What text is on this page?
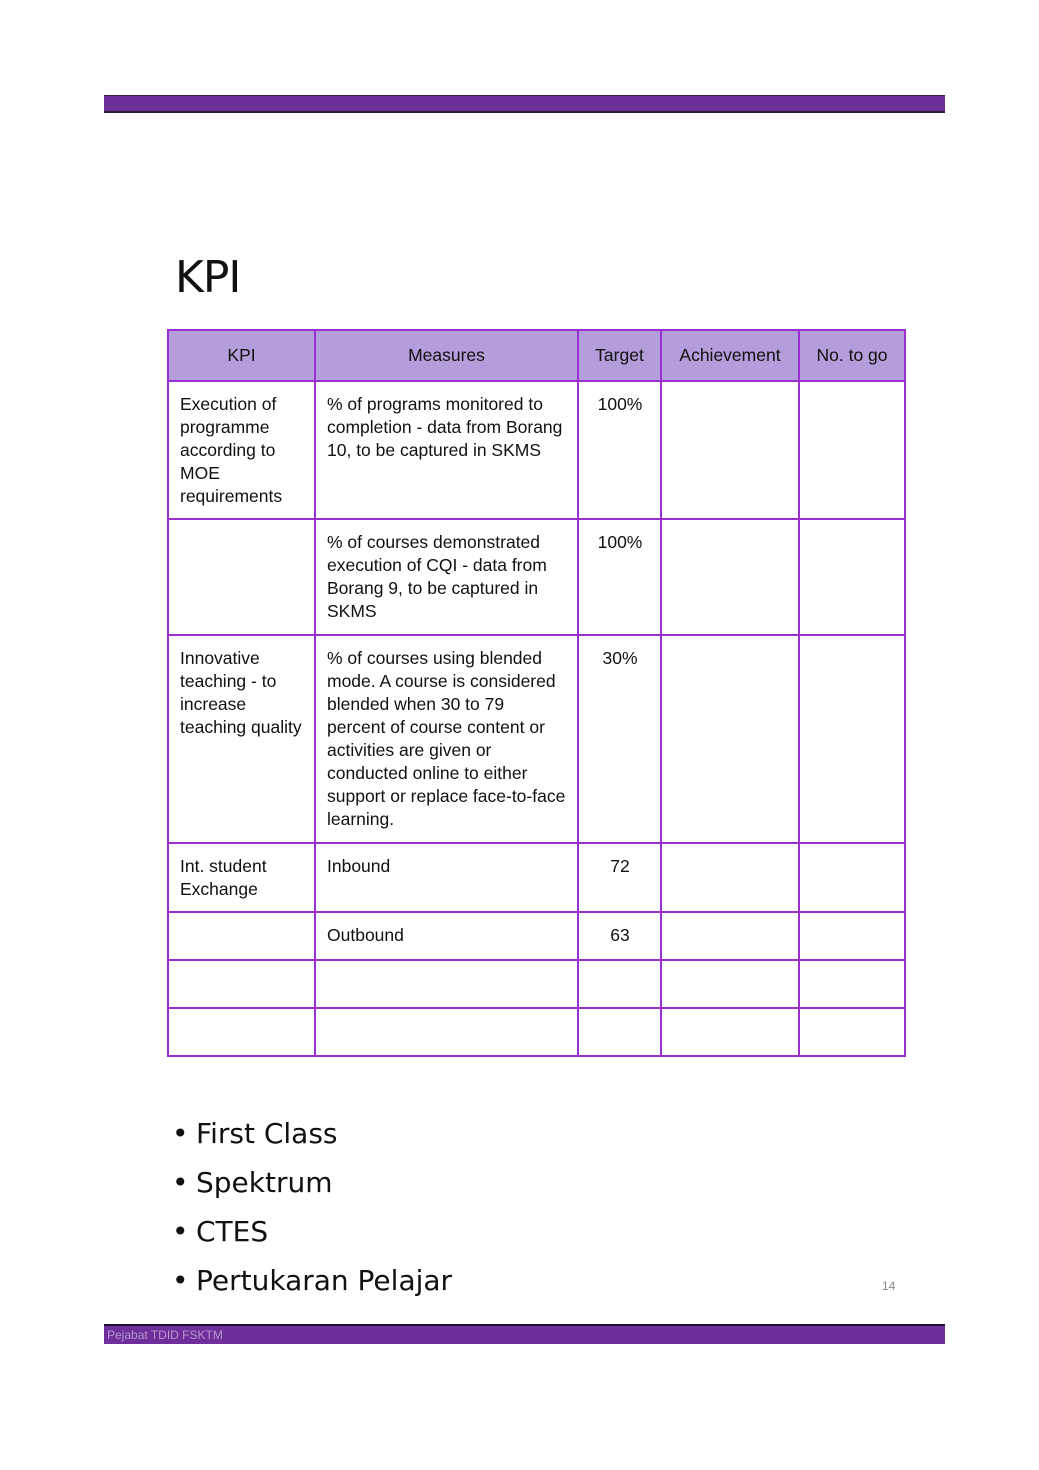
KPI
KPI	Measures	Target	Achievement	No. to go
Execution of programme according to MOE requirements	% of programs monitored to completion - data from Borang 10, to be captured in SKMS	100%		
	% of courses demonstrated execution of CQI - data from Borang 9, to be captured in SKMS	100%		
Innovative teaching - to increase teaching quality	% of courses using blended mode. A course is considered blended when 30 to 79 percent of course content or activities are given or conducted online to either support or replace face-to-face learning.	30%		
Int. student Exchange	Inbound	72		
	Outbound	63		

• First Class
• Spektrum
• CTES
• Pertukaran Pelajar	14
Pejabat TDID FSKTM
